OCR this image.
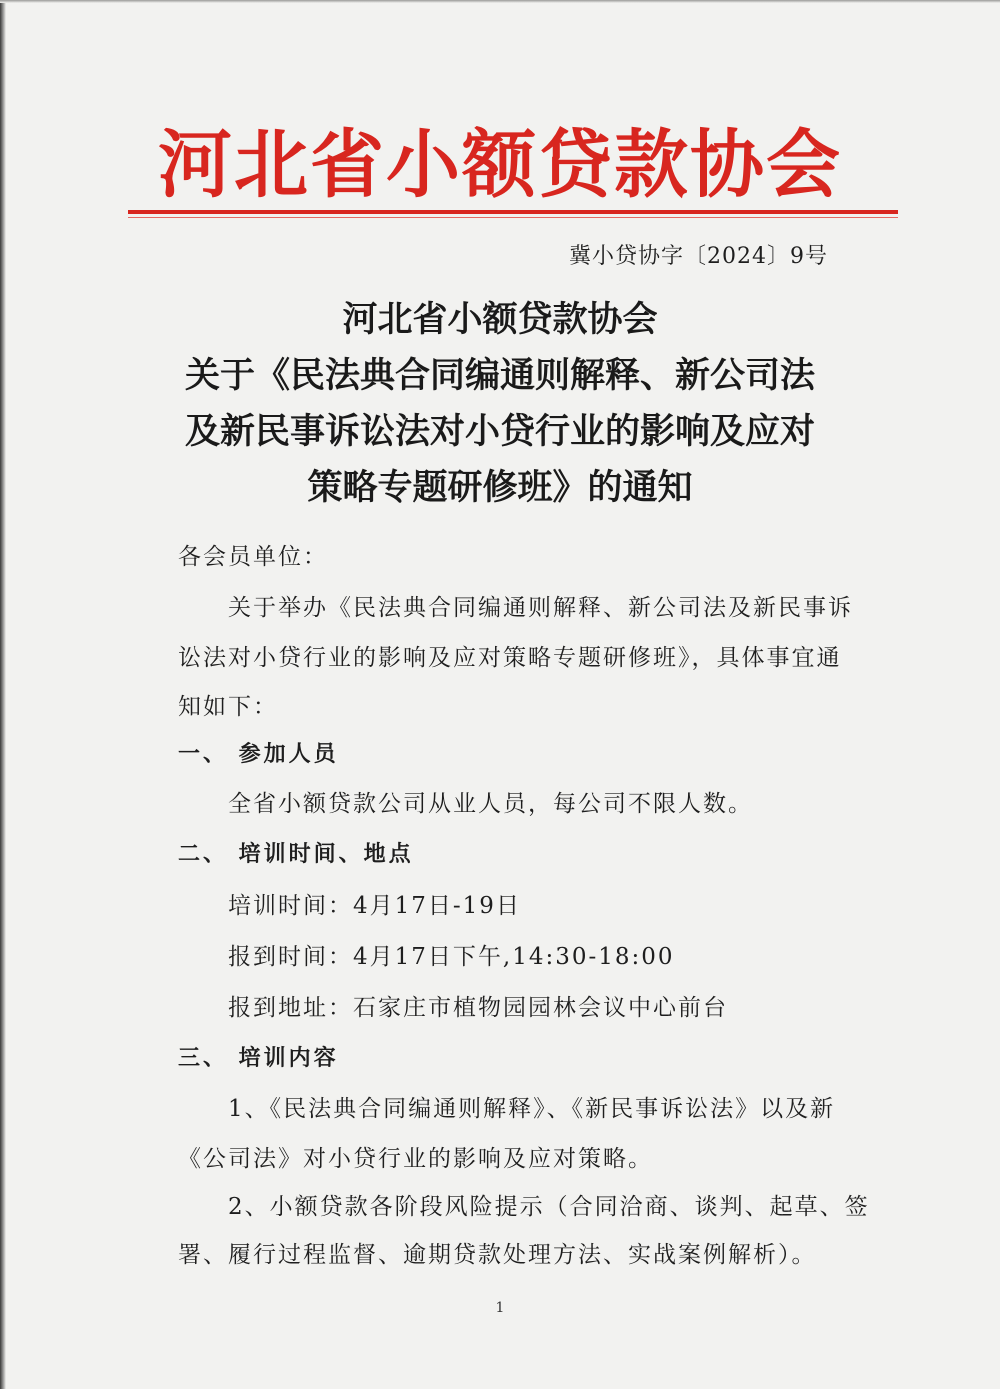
河北省小额贷款协会
冀小贷协字〔2024〕9号
河北省小额贷款协会
关于《民法典合同编通则解释、新公司法
及新民事诉讼法对小贷行业的影响及应对
策略专题研修班》的通知
各会员单位：
关于举办《民法典合同编通则解释、新公司法及新民事诉
讼法对小贷行业的影响及应对策略专题研修班》，具体事宜通
知如下：
一、 参加人员
全省小额贷款公司从业人员，每公司不限人数。
二、 培训时间、地点
培训时间：4月17日-19日
报到时间：4月17日下午,14:30-18:00
报到地址：石家庄市植物园园林会议中心前台
三、 培训内容
1、《民法典合同编通则解释》、《新民事诉讼法》以及新
《公司法》对小贷行业的影响及应对策略。
2、小额贷款各阶段风险提示（合同洽商、谈判、起草、签
署、履行过程监督、逾期贷款处理方法、实战案例解析）。
1
